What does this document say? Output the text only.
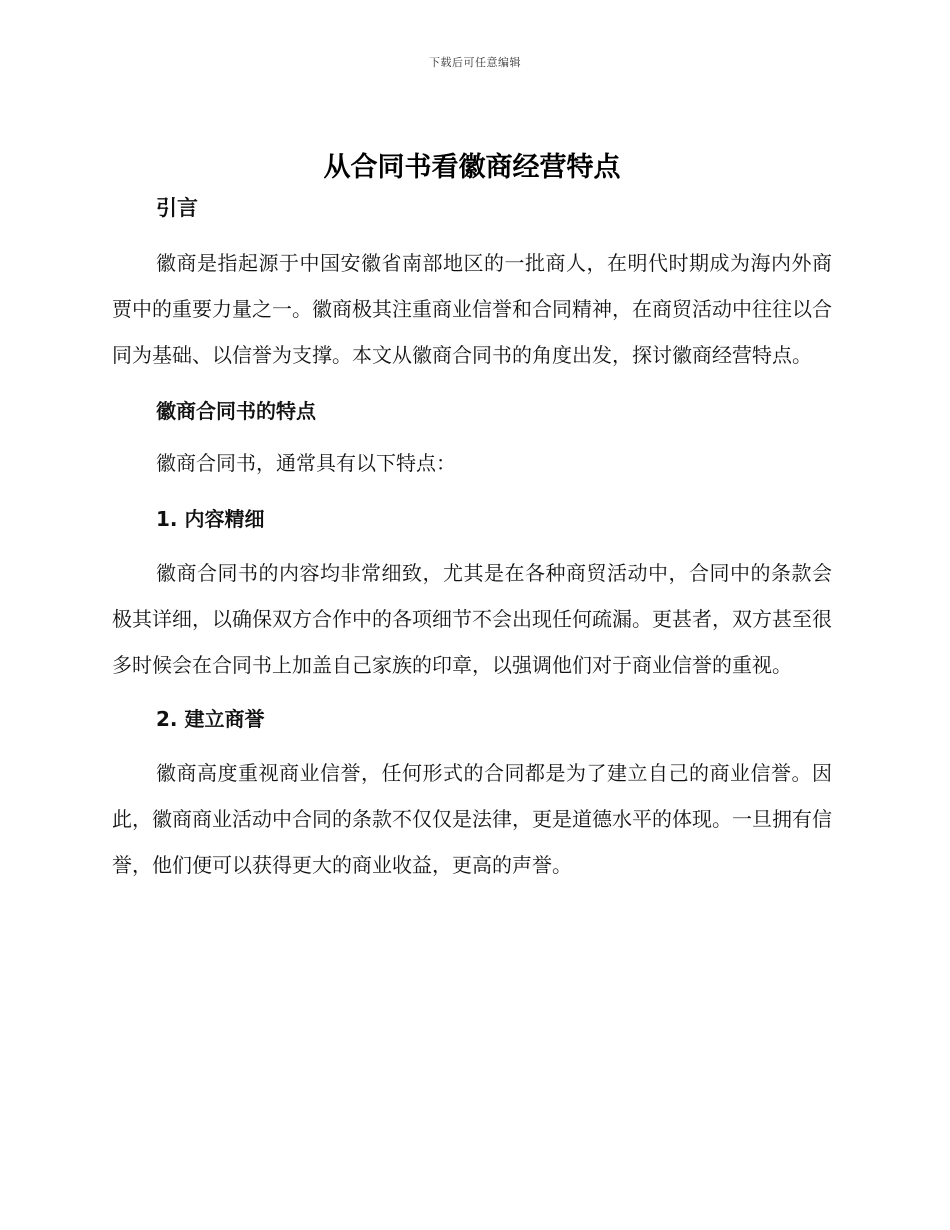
下载后可任意编辑
从合同书看徽商经营特点
引言

徽商是指起源于中国安徽省南部地区的一批商人，在明代时期成为海内外商贾中的重要力量之一。徽商极其注重商业信誉和合同精神，在商贸活动中往往以合同为基础、以信誉为支撑。本文从徽商合同书的角度出发，探讨徽商经营特点。

徽商合同书的特点

徽商合同书，通常具有以下特点：

1. 内容精细

徽商合同书的内容均非常细致，尤其是在各种商贸活动中，合同中的条款会极其详细，以确保双方合作中的各项细节不会出现任何疏漏。更甚者，双方甚至很多时候会在合同书上加盖自己家族的印章，以强调他们对于商业信誉的重视。

2. 建立商誉

徽商高度重视商业信誉，任何形式的合同都是为了建立自己的商业信誉。因此，徽商商业活动中合同的条款不仅仅是法律，更是道德水平的体现。一旦拥有信誉，他们便可以获得更大的商业收益，更高的声誉。
